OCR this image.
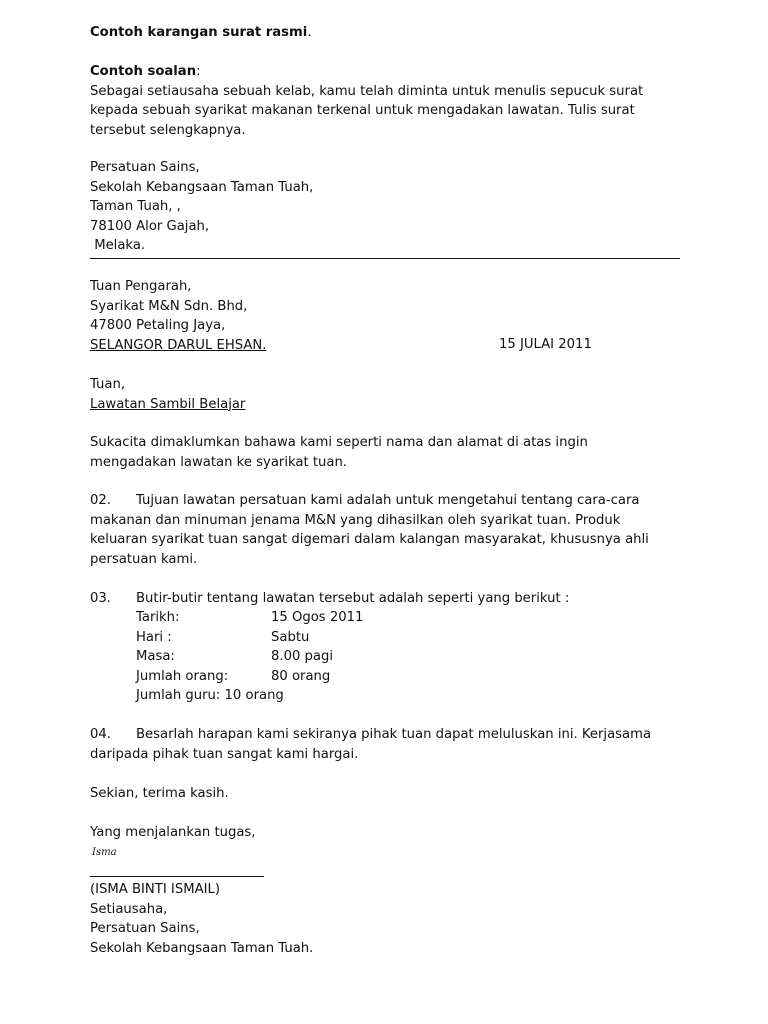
Contoh karangan surat rasmi.
Contoh soalan:
Sebagai setiausaha sebuah kelab, kamu telah diminta untuk menulis sepucuk surat
kepada sebuah syarikat makanan terkenal untuk mengadakan lawatan. Tulis surat
tersebut selengkapnya.
Persatuan Sains,
Sekolah Kebangsaan Taman Tuah,
Taman Tuah, ,
78100 Alor Gajah,
Melaka.
Tuan Pengarah,
Syarikat M&N Sdn. Bhd,
47800 Petaling Jaya,
SELANGOR DARUL EHSAN.	15 JULAI 2011
Tuan,
Lawatan Sambil Belajar
Sukacita dimaklumkan bahawa kami seperti nama dan alamat di atas ingin
mengadakan lawatan ke syarikat tuan.
02. Tujuan lawatan persatuan kami adalah untuk mengetahui tentang cara-cara
makanan dan minuman jenama M&N yang dihasilkan oleh syarikat tuan. Produk
keluaran syarikat tuan sangat digemari dalam kalangan masyarakat, khususnya ahli
persatuan kami.
03. Butir-butir tentang lawatan tersebut adalah seperti yang berikut :
Tarikh:	15 Ogos 2011
Hari :	Sabtu
Masa:	8.00 pagi
Jumlah orang:	80 orang
Jumlah guru: 10 orang
04. Besarlah harapan kami sekiranya pihak tuan dapat meluluskan ini. Kerjasama
daripada pihak tuan sangat kami hargai.
Sekian, terima kasih.
Yang menjalankan tugas,
Isma
(ISMA BINTI ISMAIL)
Setiausaha,
Persatuan Sains,
Sekolah Kebangsaan Taman Tuah.
